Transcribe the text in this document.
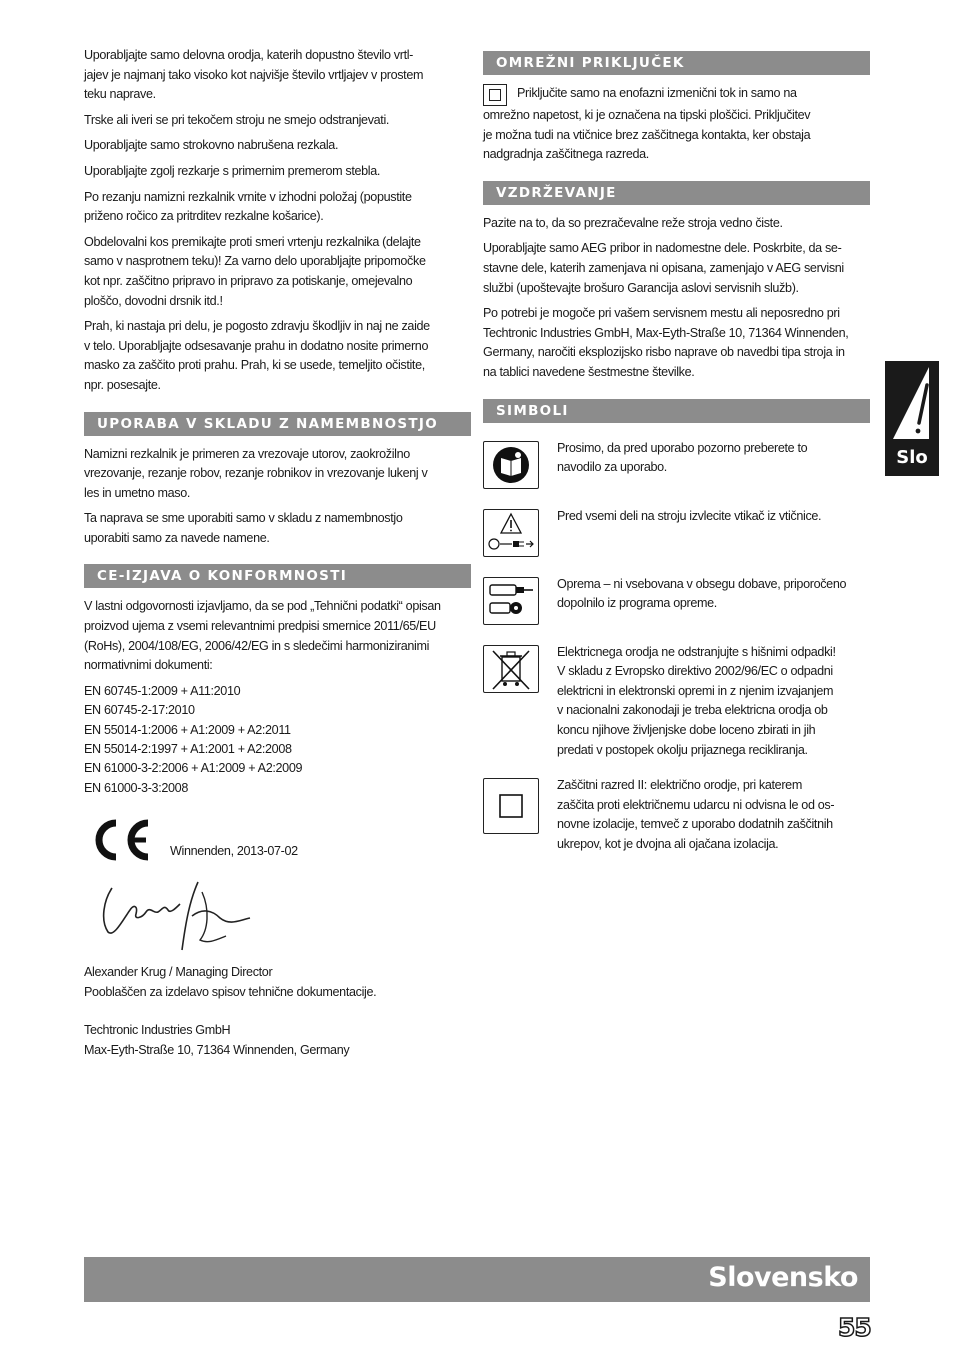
Uporabljajte samo delovna orodja, katerih dopustno število vrtl-
jajev je najmanj tako visoko kot najvišje število vrtljajev v prostem
teku naprave.

Trske ali iveri se pri tekočem stroju ne smejo odstranjevati.

Uporabljajte samo strokovno nabrušena rezkala.

Uporabljajte zgolj rezkarje s primernim premerom stebla.

Po rezanju namizni rezkalnik vrnite v izhodni položaj (popustite
priženo ročico za pritrditev rezkalne košarice).

Obdelovalni kos premikajte proti smeri vrtenju rezkalnika (delajte
samo v nasprotnem teku)! Za varno delo uporabljajte pripomočke
kot npr. zaščitno pripravo in pripravo za potiskanje, omejevalno
ploščo, dovodni drsnik itd.!

Prah, ki nastaja pri delu, je pogosto zdravju škodljiv in naj ne zaide
v telo. Uporabljajte odsesavanje prahu in dodatno nosite primerno
masko za zaščito proti prahu. Prah, ki se usede, temeljito očistite,
npr. posesajte.

UPORABA V SKLADU Z NAMEMBNOSTJO

Namizni rezkalnik je primeren za vrezovaje utorov, zaokrožilno
vrezovanje, rezanje robov, rezanje robnikov in vrezovanje lukenj v
les in umetno maso.

Ta naprava se sme uporabiti samo v skladu z namembnostjo
uporabiti samo za navede namene.

CE-IZJAVA O KONFORMNOSTI

V lastni odgovornosti izjavljamo, da se pod „Tehnični podatki“ opisan
proizvod ujema z vsemi relevantnimi predpisi smernice 2011/65/EU
(RoHs), 2004/108/EG, 2006/42/EG in s sledečimi harmoniziranimi
normativnimi dokumenti:

EN 60745-1:2009 + A11:2010
EN 60745-2-17:2010
EN 55014-1:2006 + A1:2009 + A2:2011
EN 55014-2:1997 + A1:2001 + A2:2008
EN 61000-3-2:2006 + A1:2009 + A2:2009
EN 61000-3-3:2008
Winnenden, 2013-07-02

Alexander Krug / Managing Director
Pooblaščen za izdelavo spisov tehnične dokumentacije.

Techtronic Industries GmbH
Max-Eyth-Straße 10, 71364 Winnenden, Germany

OMREŽNI PRIKLJUČEK

Priključite samo na enofazni izmenični tok in samo na
omrežno napetost, ki je označena na tipski ploščici. Priključitev
je možna tudi na vtičnice brez zaščitnega kontakta, ker obstaja
nadgradnja zaščitnega razreda.

VZDRŽEVANJE

Pazite na to, da so prezračevalne reže stroja vedno čiste.

Uporabljajte samo AEG pribor in nadomestne dele. Poskrbite, da se-
stavne dele, katerih zamenjava ni opisana, zamenjajo v AEG servisni
službi (upoštevajte brošuro Garancija aslovi servisnih služb).

Po potrebi je mogoče pri vašem servisnem mestu ali neposredno pri
Techtronic Industries GmbH, Max-Eyth-Straße 10, 71364 Winnenden,
Germany, naročiti eksplozijsko risbo naprave ob navedbi tipa stroja in
na tablici navedene šestmestne številke.

SIMBOLI

Prosimo, da pred uporabo pozorno preberete to
navodilo za uporabo.

Pred vsemi deli na stroju izvlecite vtikač iz vtičnice.

Oprema – ni vsebovana v obsegu dobave, priporočeno
dopolnilo iz programa opreme.

Elektricnega orodja ne odstranjujte s hišnimi odpadki!
V skladu z Evropsko direktivo 2002/96/EC o odpadni
elektricni in elektronski opremi in z njenim izvajanjem
v nacionalni zakonodaji je treba elektricna orodja ob
koncu njihove življenjske dobe loceno zbirati in jih
predati v postopek okolju prijaznega recikliranja.

Zaščitni razred II: električno orodje, pri katerem
zaščita proti električnemu udarcu ni odvisna le od os-
novne izolacije, temveč z uporabo dodatnih zaščitnih
ukrepov, kot je dvojna ali ojačana izolacija.

Slo
Slovensko
55
